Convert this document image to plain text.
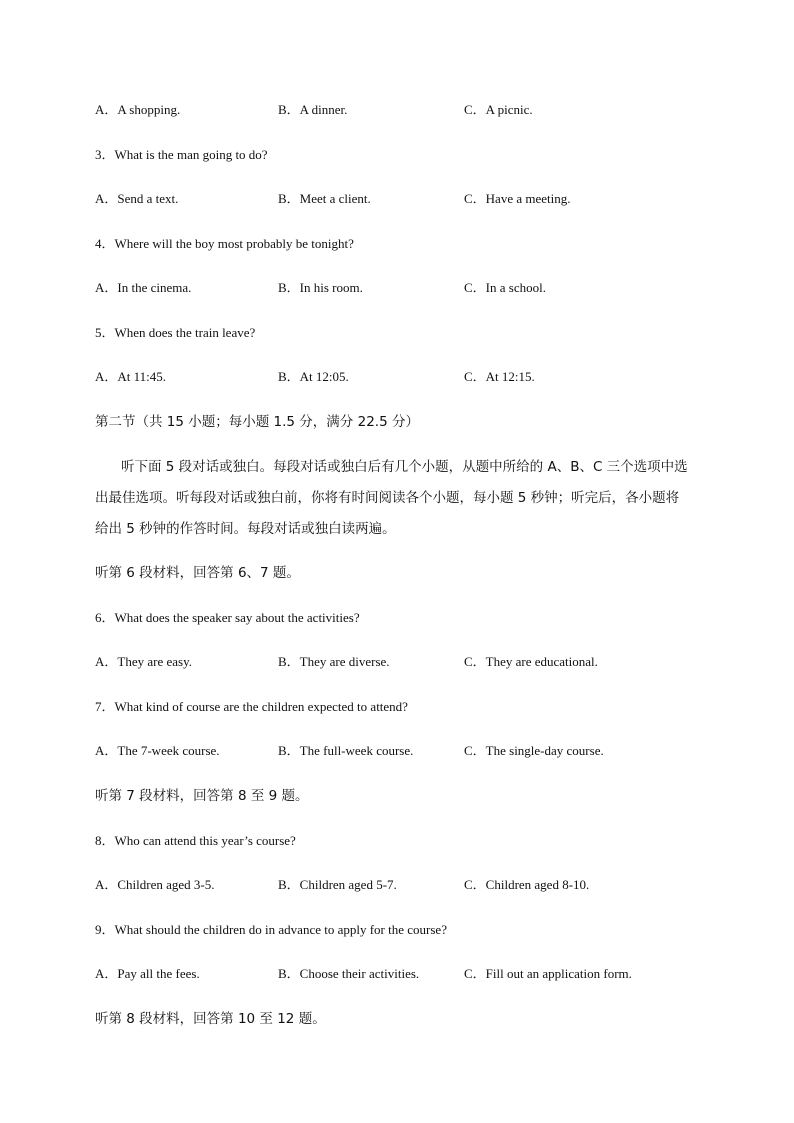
A．A shopping.	B．A dinner.	C．A picnic.
3．What is the man going to do?
A．Send a text.	B．Meet a client.	C．Have a meeting.
4．Where will the boy most probably be tonight?
A．In the cinema.	B．In his room.	C．In a school.
5．When does the train leave?
A．At 11:45.	B．At 12:05.	C．At 12:15.
第二节（共 15 小题；每小题 1.5 分，满分 22.5 分）
听下面 5 段对话或独白。每段对话或独白后有几个小题，从题中所给的 A、B、C 三个选项中选
出最佳选项。听每段对话或独白前，你将有时间阅读各个小题，每小题 5 秒钟；听完后，各小题将
给出 5 秒钟的作答时间。每段对话或独白读两遍。
听第 6 段材料，回答第 6、7 题。
6．What does the speaker say about the activities?
A．They are easy.	B．They are diverse.	C．They are educational.
7．What kind of course are the children expected to attend?
A．The 7-week course.	B．The full-week course.	C．The single-day course.
听第 7 段材料，回答第 8 至 9 题。
8．Who can attend this year’s course?
A．Children aged 3-5.	B．Children aged 5-7.	C．Children aged 8-10.
9．What should the children do in advance to apply for the course?
A．Pay all the fees.	B．Choose their activities.	C．Fill out an application form.
听第 8 段材料，回答第 10 至 12 题。
